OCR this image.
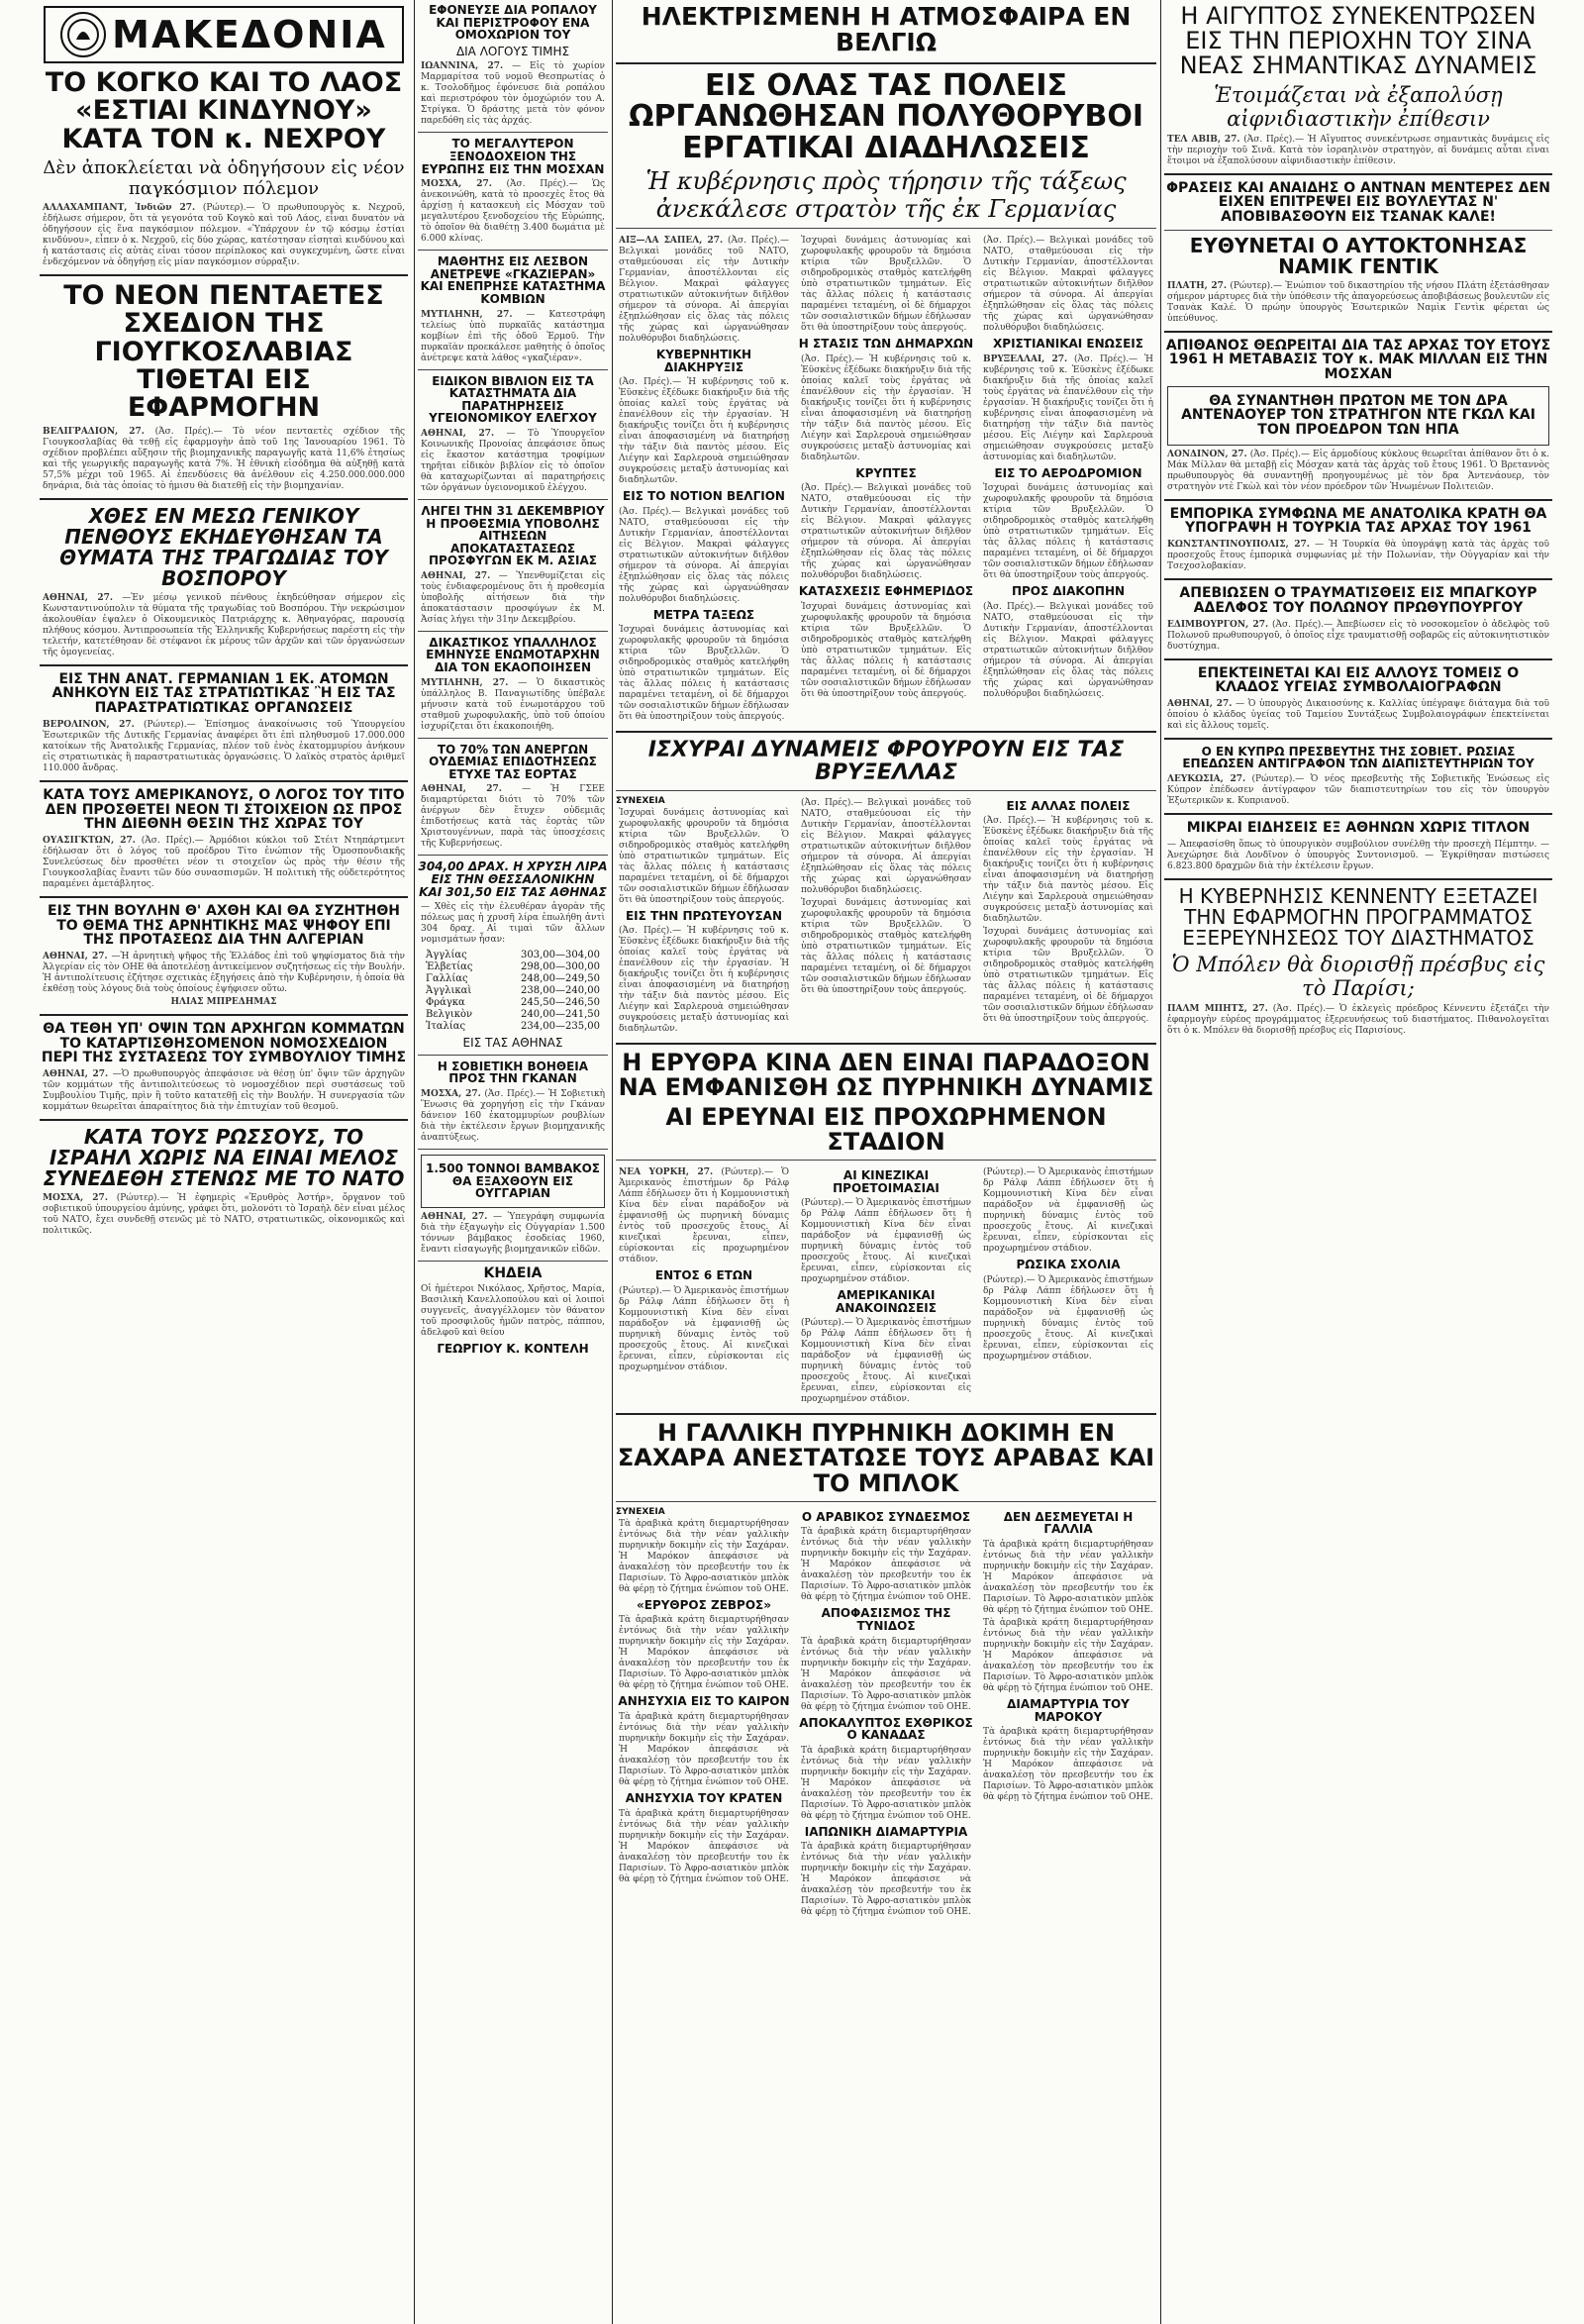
ΜΑΚΕΔΟΝΙΑ
ΤΟ ΚΟΓΚΟ ΚΑΙ ΤΟ ΛΑΟΣ «ΕΣΤΙΑΙ ΚΙΝΔΥΝΟΥ» ΚΑΤΑ ΤΟΝ κ. ΝΕΧΡΟΥ
Δὲν ἀποκλείεται νὰ ὁδηγήσουν εἰς νέον παγκόσμιον πόλεμον
ΑΛΛΑΧΑΜΠΑΝΤ, Ἰνδιῶν 27. (Ρώυτερ).— Ὁ πρωθυπουργὸς κ. Νεχροῦ, ἐδήλωσε σήμερον, ὅτι τὰ γεγονότα τοῦ Κογκὸ καὶ τοῦ Λάος, εἶναι δυνατὸν νὰ ὁδηγήσουν εἰς ἕνα παγκόσμιον πόλεμον. «Ὑπάρχουν ἐν τῷ κόσμῳ ἑστίαι κινδύνου», εἶπεν ὁ κ. Νεχροῦ, εἰς δύο χώρας, κατέστησαν εἰσηταὶ κινδύνου καὶ ἡ κατάστασις εἰς αὐτὰς εἶναι τόσον περίπλοκος καὶ συγκεχυμένη, ὥστε εἶναι ἐνδεχόμενον νὰ ὁδηγήσῃ εἰς μίαν παγκόσμιον σύρραξιν.
ΤΟ ΝΕΟΝ ΠΕΝΤΑΕΤΕΣ ΣΧΕΔΙΟΝ ΤΗΣ ΓΙΟΥΓΚΟΣΛΑΒΙΑΣ ΤΙΘΕΤΑΙ ΕΙΣ ΕΦΑΡΜΟΓΗΝ
ΒΕΛΙΓΡΑΔΙΟΝ, 27. (Ἀσ. Πρές).— Τὸ νέον πενταετὲς σχέδιον τῆς Γιουγκοσλαβίας θὰ τεθῇ εἰς ἐφαρμογὴν ἀπὸ τοῦ 1ης Ἰανουαρίου 1961. Τὸ σχέδιον προβλέπει αὔξησιν τῆς βιομηχανικῆς παραγωγῆς κατὰ 11,6% ἐτησίως καὶ τῆς γεωργικῆς παραγωγῆς κατὰ 7%. Ἡ ἐθνικὴ εἰσόδημα θὰ αὐξηθῇ κατὰ 57,5% μέχρι τοῦ 1965. Αἱ ἐπενδύσεις θὰ ἀνέλθουν εἰς 4.250.000.000.000 δηνάρια, διὰ τὰς ὁποίας τὸ ἡμισυ θὰ διατεθῇ εἰς τὴν βιομηχανίαν.
ΧΘΕΣ ΕΝ ΜΕΣΩ ΓΕΝΙΚΟΥ ΠΕΝΘΟΥΣ ΕΚΗΔΕΥΘΗΣΑΝ ΤΑ ΘΥΜΑΤΑ ΤΗΣ ΤΡΑΓΩΔΙΑΣ ΤΟΥ ΒΟΣΠΟΡΟΥ
ΑΘΗΝΑΙ, 27. —Ἐν μέσῳ γενικοῦ πένθους ἐκηδεύθησαν σήμερον εἰς Κωνσταντινούπολιν τὰ θύματα τῆς τραγωδίας τοῦ Βοσπόρου. Τὴν νεκρώσιμον ἀκολουθίαν ἐψαλεν ὁ Οἰκουμενικὸς Πατριάρχης κ. Ἀθηναγόρας, παρουσίᾳ πλήθους κόσμου. Ἀντιπροσωπεία τῆς Ἑλληνικῆς Κυβερνήσεως παρέστη εἰς τὴν τελετήν, κατετέθησαν δὲ στέφανοι ἐκ μέρους τῶν ἀρχῶν καὶ τῶν ὀργανώσεων τῆς ὁμογενείας.
ΕΙΣ ΤΗΝ ΑΝΑΤ. ΓΕΡΜΑΝΙΑΝ 1 ΕΚ. ΑΤΟΜΩΝ ΑΝΗΚΟΥΝ ΕΙΣ ΤΑΣ ΣΤΡΑΤΙΩΤΙΚΑΣ Ἢ ΕΙΣ ΤΑΣ ΠΑΡΑΣΤΡΑΤΙΩΤΙΚΑΣ ΟΡΓΑΝΩΣΕΙΣ
ΒΕΡΟΛΙΝΟΝ, 27. (Ρώυτερ).— Ἐπίσημος ἀνακοίνωσις τοῦ Ὑπουργείου Ἐσωτερικῶν τῆς Δυτικῆς Γερμανίας ἀναφέρει ὅτι ἐπὶ πληθυσμοῦ 17.000.000 κατοίκων τῆς Ἀνατολικῆς Γερμανίας, πλέον τοῦ ἑνὸς ἑκατομμυρίου ἀνήκουν εἰς στρατιωτικὰς ἢ παραστρατιωτικὰς ὀργανώσεις. Ὁ λαϊκὸς στρατὸς ἀριθμεῖ 110.000 ἄνδρας.
ΚΑΤΑ ΤΟΥΣ ΑΜΕΡΙΚΑΝΟΥΣ, Ο ΛΟΓΟΣ ΤΟΥ ΤΙΤΟ ΔΕΝ ΠΡΟΣΘΕΤΕΙ ΝΕΟΝ ΤΙ ΣΤΟΙΧΕΙΟΝ ΩΣ ΠΡΟΣ ΤΗΝ ΔΙΕΘΝΗ ΘΕΣΙΝ ΤΗΣ ΧΩΡΑΣ ΤΟΥ
ΟΥΑΣΙΓΚΤΩΝ, 27. (Ἀσ. Πρές).— Ἁρμόδιοι κύκλοι τοῦ Στέιτ Ντηπάρτμεντ ἐδήλωσαν ὅτι ὁ λόγος τοῦ προέδρου Τίτο ἐνώπιον τῆς Ὁμοσπονδιακῆς Συνελεύσεως δὲν προσθέτει νέον τι στοιχεῖον ὡς πρὸς τὴν θέσιν τῆς Γιουγκοσλαβίας ἔναντι τῶν δύο συνασπισμῶν. Ἡ πολιτικὴ τῆς οὐδετερότητος παραμένει ἀμετάβλητος.
ΕΙΣ ΤΗΝ ΒΟΥΛΗΝ Θ' ΑΧΘΗ ΚΑΙ ΘΑ ΣΥΖΗΤΗΘΗ ΤΟ ΘΕΜΑ ΤΗΣ ΑΡΝΗΤΙΚΗΣ ΜΑΣ ΨΗΦΟΥ ΕΠΙ ΤΗΣ ΠΡΟΤΑΣΕΩΣ ΔΙΑ ΤΗΝ ΑΛΓΕΡΙΑΝ
ΑΘΗΝΑΙ, 27. —Ἡ ἀρνητικὴ ψῆφος τῆς Ἑλλάδος ἐπὶ τοῦ ψηφίσματος διὰ τὴν Ἀλγερίαν εἰς τὸν ΟΗΕ θὰ ἀποτελέσῃ ἀντικείμενον συζητήσεως εἰς τὴν Βουλήν. Ἡ ἀντιπολίτευσις ἐζήτησε σχετικὰς ἐξηγήσεις ἀπὸ τὴν Κυβέρνησιν, ἡ ὁποία θὰ ἐκθέσῃ τοὺς λόγους διὰ τοὺς ὁποίους ἐψήφισεν οὕτω.
ΗΛΙΑΣ ΜΠΡΕΔΗΜΑΣ
ΘΑ ΤΕΘΗ ΥΠ' ΟΨΙΝ ΤΩΝ ΑΡΧΗΓΩΝ ΚΟΜΜΑΤΩΝ ΤΟ ΚΑΤΑΡΤΙΣΘΗΣΟΜΕΝΟΝ ΝΟΜΟΣΧΕΔΙΟΝ ΠΕΡΙ ΤΗΣ ΣΥΣΤΑΣΕΩΣ ΤΟΥ ΣΥΜΒΟΥΛΙΟΥ ΤΙΜΗΣ
ΑΘΗΝΑΙ, 27. —Ὁ πρωθυπουργὸς ἀπεφάσισε νὰ θέσῃ ὑπ' ὄψιν τῶν ἀρχηγῶν τῶν κομμάτων τῆς ἀντιπολιτεύσεως τὸ νομοσχέδιον περὶ συστάσεως τοῦ Συμβουλίου Τιμῆς, πρὶν ἢ τοῦτο κατατεθῇ εἰς τὴν Βουλήν. Ἡ συνεργασία τῶν κομμάτων θεωρεῖται ἀπαραίτητος διὰ τὴν ἐπιτυχίαν τοῦ θεσμοῦ.
ΚΑΤΑ ΤΟΥΣ ΡΩΣΣΟΥΣ, ΤΟ ΙΣΡΑΗΛ ΧΩΡΙΣ ΝΑ ΕΙΝΑΙ ΜΕΛΟΣ ΣΥΝΕΔΕΘΗ ΣΤΕΝΩΣ ΜΕ ΤΟ ΝΑΤΟ
ΜΟΣΧΑ, 27. (Ρώυτερ).— Ἡ ἐφημερὶς «Ἐρυθρὸς Ἀστήρ», ὄργανον τοῦ σοβιετικοῦ ὑπουργείου ἀμύνης, γράφει ὅτι, μολονότι τὸ Ἰσραὴλ δὲν εἶναι μέλος τοῦ ΝΑΤΟ, ἔχει συνδεθῇ στενῶς μὲ τὸ ΝΑΤΟ, στρατιωτικῶς, οἰκονομικῶς καὶ πολιτικῶς.
ΕΦΟΝΕΥΣΕ ΔΙΑ ΡΟΠΑΛΟΥ ΚΑΙ ΠΕΡΙΣΤΡΟΦΟΥ ΕΝΑ ΟΜΟΧΩΡΙΟΝ ΤΟΥ
ΔΙΑ ΛΟΓΟΥΣ ΤΙΜΗΣ
ΙΩΑΝΝΙΝΑ, 27. — Εἰς τὸ χωρίον Μαρμαρίτσα τοῦ νομοῦ Θεσπρωτίας ὁ κ. Τσολοδῆμος ἐφόνευσε διὰ ροπάλου καὶ περιστρόφου τὸν ὁμοχώριόν του Α. Στρίγκα. Ὁ δράστης μετὰ τὸν φόνον παρεδόθη εἰς τὰς ἀρχάς.
ΤΟ ΜΕΓΑΛΥΤΕΡΟΝ ΞΕΝΟΔΟΧΕΙΟΝ ΤΗΣ ΕΥΡΩΠΗΣ ΕΙΣ ΤΗΝ ΜΟΣΧΑΝ
ΜΟΣΧΑ, 27. (Ἀσ. Πρές).— Ὡς ἀνεκοινώθη, κατὰ τὸ προσεχὲς ἔτος θὰ ἀρχίσῃ ἡ κατασκευὴ εἰς Μόσχαν τοῦ μεγαλυτέρου ξενοδοχείου τῆς Εὐρώπης, τὸ ὁποῖον θὰ διαθέτῃ 3.400 δωμάτια μὲ 6.000 κλίνας.
ΜΑΘΗΤΗΣ ΕΙΣ ΛΕΣΒΟΝ ΑΝΕΤΡΕΨΕ «ΓΚΑΖΙΕΡΑΝ» ΚΑΙ ΕΝΕΠΡΗΣΕ ΚΑΤΑΣΤΗΜΑ ΚΟΜΒΙΩΝ
ΜΥΤΙΛΗΝΗ, 27. — Κατεστράφη τελείως ὑπὸ πυρκαϊᾶς κατάστημα κομβίων ἐπὶ τῆς ὁδοῦ Ἐρμοῦ. Τὴν πυρκαϊὰν προεκάλεσε μαθητὴς ὁ ὁποῖος ἀνέτρεψε κατὰ λάθος «γκαζιέραν».
ΕΙΔΙΚΟΝ ΒΙΒΛΙΟΝ ΕΙΣ ΤΑ ΚΑΤΑΣΤΗΜΑΤΑ ΔΙΑ ΠΑΡΑΤΗΡΗΣΕΙΣ ΥΓΕΙΟΝΟΜΙΚΟΥ ΕΛΕΓΧΟΥ
ΑΘΗΝΑΙ, 27. — Τὸ Ὑπουργεῖον Κοινωνικῆς Προνοίας ἀπεφάσισε ὅπως εἰς ἕκαστον κατάστημα τροφίμων τηρῆται εἰδικὸν βιβλίον εἰς τὸ ὁποῖον θὰ καταχωρίζωνται αἱ παρατηρήσεις τῶν ὀργάνων ὑγειονομικοῦ ἐλέγχου.
ΛΗΓΕΙ ΤΗΝ 31 ΔΕΚΕΜΒΡΙΟΥ Η ΠΡΟΘΕΣΜΙΑ ΥΠΟΒΟΛΗΣ ΑΙΤΗΣΕΩΝ ΑΠΟΚΑΤΑΣΤΑΣΕΩΣ ΠΡΟΣΦΥΓΩΝ ΕΚ Μ. ΑΣΙΑΣ
ΑΘΗΝΑΙ, 27. — Ὑπενθυμίζεται εἰς τοὺς ἐνδιαφερομένους ὅτι ἡ προθεσμία ὑποβολῆς αἰτήσεων διὰ τὴν ἀποκατάστασιν προσφύγων ἐκ Μ. Ἀσίας λήγει τὴν 31ην Δεκεμβρίου.
ΔΙΚΑΣΤΙΚΟΣ ΥΠΑΛΛΗΛΟΣ ΕΜΗΝΥΣΕ ΕΝΩΜΟΤΑΡΧΗΝ ΔΙΑ ΤΟΝ ΕΚΑΟΠΟΙΗΣΕΝ
ΜΥΤΙΛΗΝΗ, 27. — Ὁ δικαστικὸς ὑπάλληλος Β. Παναγιωτίδης ὑπέβαλε μήνυσιν κατὰ τοῦ ἐνωμοτάρχου τοῦ σταθμοῦ χωροφυλακῆς, ὑπὸ τοῦ ὁποίου ἰσχυρίζεται ὅτι ἐκακοποιήθη.
ΤΟ 70% ΤΩΝ ΑΝΕΡΓΩΝ ΟΥΔΕΜΙΑΣ ΕΠΙΔΟΤΗΣΕΩΣ ΕΤΥΧΕ ΤΑΣ ΕΟΡΤΑΣ
ΑΘΗΝΑΙ, 27. — Ἡ ΓΣΕΕ διαμαρτύρεται διότι τὸ 70% τῶν ἀνέργων δὲν ἔτυχεν οὐδεμιᾶς ἐπιδοτήσεως κατὰ τὰς ἑορτὰς τῶν Χριστουγέννων, παρὰ τὰς ὑποσχέσεις τῆς Κυβερνήσεως.
304,00 ΔΡΑΧ. Η ΧΡΥΣΗ ΛΙΡΑ ΕΙΣ ΤΗΝ ΘΕΣΣΑΛΟΝΙΚΗΝ ΚΑΙ 301,50 ΕΙΣ ΤΑΣ ΑΘΗΝΑΣ
— Χθὲς εἰς τὴν ἐλευθέραν ἀγορὰν τῆς πόλεως μας ἡ χρυσῆ λίρα ἐπωλήθη ἀντὶ 304 δραχ. Αἱ τιμαὶ τῶν ἄλλων νομισμάτων ἦσαν:
Ἀγγλίας	303,00—304,00
Ἑλβετίας	298,00—300,00
Γαλλίας	248,00—249,50
Ἀγγλικαὶ	238,00—240,00
Φράγκα	245,50—246,50
Βελγικὸν	240,00—241,50
Ἰταλίας	234,00—235,00
ΕΙΣ ΤΑΣ ΑΘΗΝΑΣ
Η ΣΟΒΙΕΤΙΚΗ ΒΟΗΘΕΙΑ ΠΡΟΣ ΤΗΝ ΓΚΑΝΑΝ
ΜΟΣΧΑ, 27. (Ἀσ. Πρές).— Ἡ Σοβιετικὴ Ἕνωσις θὰ χορηγήσῃ εἰς τὴν Γκάναν δάνειον 160 ἑκατομμυρίων ρουβλίων διὰ τὴν ἐκτέλεσιν ἔργων βιομηχανικῆς ἀναπτύξεως.
1.500 ΤΟΝΝΟΙ ΒΑΜΒΑΚΟΣ ΘΑ ΕΞΑΧΘΟΥΝ ΕΙΣ ΟΥΓΓΑΡΙΑΝ
ΑΘΗΝΑΙ, 27. — Ὑπεγράφη συμφωνία διὰ τὴν ἐξαγωγὴν εἰς Οὐγγαρίαν 1.500 τόννων βάμβακος ἐσοδείας 1960, ἔναντι εἰσαγωγῆς βιομηχανικῶν εἰδῶν.
ΚΗΔΕΙΑ
Οἱ ἡμέτεροι Νικόλαος, Χρῆστος, Μαρία, Βασιλικὴ Κανελλοπούλου καὶ οἱ λοιποὶ συγγενεῖς, ἀναγγέλλομεν τὸν θάνατον τοῦ προσφιλοῦς ἡμῶν πατρὸς, πάππου, ἀδελφοῦ καὶ θείου
ΓΕΩΡΓΙΟΥ Κ. ΚΟΝΤΕΛΗ
ΗΛΕΚΤΡΙΣΜΕΝΗ Η ΑΤΜΟΣΦΑΙΡΑ ΕΝ ΒΕΛΓΙΩ
ΕΙΣ ΟΛΑΣ ΤΑΣ ΠΟΛΕΙΣ ΩΡΓΑΝΩΘΗΣΑΝ ΠΟΛΥΘΟΡΥΒΟΙ ΕΡΓΑΤΙΚΑΙ ΔΙΑΔΗΛΩΣΕΙΣ
Ἡ κυβέρνησις πρὸς τήρησιν τῆς τάξεως ἀνεκάλεσε στρατὸν τῆς ἐκ Γερμανίας
ΑΙΞ—ΛΑ ΣΑΠΕΛ, 27. (Ἀσ. Πρές).— Βελγικαὶ μονάδες τοῦ ΝΑΤΟ, σταθμεύουσαι εἰς τὴν Δυτικὴν Γερμανίαν, ἀποστέλλονται εἰς Βέλγιον. Μακραὶ φάλαγγες στρατιωτικῶν αὐτοκινήτων διῆλθον σήμερον τὰ σύνορα. Αἱ ἀπεργίαι ἐξηπλώθησαν εἰς ὅλας τὰς πόλεις τῆς χώρας καὶ ὡργανώθησαν πολυθόρυβοι διαδηλώσεις.
ΚΥΒΕΡΝΗΤΙΚΗ ΔΙΑΚΗΡΥΞΙΣ
(Ἀσ. Πρές).— Ἡ κυβέρνησις τοῦ κ. Ἐϋσκὲνς ἐξέδωκε διακήρυξιν διὰ τῆς ὁποίας καλεῖ τοὺς ἐργάτας νὰ ἐπανέλθουν εἰς τὴν ἐργασίαν. Ἡ διακήρυξις τονίζει ὅτι ἡ κυβέρνησις εἶναι ἀποφασισμένη νὰ διατηρήσῃ τὴν τάξιν διὰ παντὸς μέσου. Εἰς Λιέγην καὶ Σαρλερουὰ σημειώθησαν συγκρούσεις μεταξὺ ἀστυνομίας καὶ διαδηλωτῶν.
ΕΙΣ ΤΟ ΝΟΤΙΟΝ ΒΕΛΓΙΟΝ
(Ἀσ. Πρές).— Βελγικαὶ μονάδες τοῦ ΝΑΤΟ, σταθμεύουσαι εἰς τὴν Δυτικὴν Γερμανίαν, ἀποστέλλονται εἰς Βέλγιον. Μακραὶ φάλαγγες στρατιωτικῶν αὐτοκινήτων διῆλθον σήμερον τὰ σύνορα. Αἱ ἀπεργίαι ἐξηπλώθησαν εἰς ὅλας τὰς πόλεις τῆς χώρας καὶ ὡργανώθησαν πολυθόρυβοι διαδηλώσεις.
ΜΕΤΡΑ ΤΑΞΕΩΣ
Ἰσχυραὶ δυνάμεις ἀστυνομίας καὶ χωροφυλακῆς φρουροῦν τὰ δημόσια κτίρια τῶν Βρυξελλῶν. Ὁ σιδηροδρομικὸς σταθμὸς κατελήφθη ὑπὸ στρατιωτικῶν τμημάτων. Εἰς τὰς ἄλλας πόλεις ἡ κατάστασις παραμένει τεταμένη, οἱ δὲ δήμαρχοι τῶν σοσιαλιστικῶν δήμων ἐδήλωσαν ὅτι θὰ ὑποστηρίξουν τοὺς ἀπεργούς.
Ἰσχυραὶ δυνάμεις ἀστυνομίας καὶ χωροφυλακῆς φρουροῦν τὰ δημόσια κτίρια τῶν Βρυξελλῶν. Ὁ σιδηροδρομικὸς σταθμὸς κατελήφθη ὑπὸ στρατιωτικῶν τμημάτων. Εἰς τὰς ἄλλας πόλεις ἡ κατάστασις παραμένει τεταμένη, οἱ δὲ δήμαρχοι τῶν σοσιαλιστικῶν δήμων ἐδήλωσαν ὅτι θὰ ὑποστηρίξουν τοὺς ἀπεργούς.
Η ΣΤΑΣΙΣ ΤΩΝ ΔΗΜΑΡΧΩΝ
(Ἀσ. Πρές).— Ἡ κυβέρνησις τοῦ κ. Ἐϋσκὲνς ἐξέδωκε διακήρυξιν διὰ τῆς ὁποίας καλεῖ τοὺς ἐργάτας νὰ ἐπανέλθουν εἰς τὴν ἐργασίαν. Ἡ διακήρυξις τονίζει ὅτι ἡ κυβέρνησις εἶναι ἀποφασισμένη νὰ διατηρήσῃ τὴν τάξιν διὰ παντὸς μέσου. Εἰς Λιέγην καὶ Σαρλερουὰ σημειώθησαν συγκρούσεις μεταξὺ ἀστυνομίας καὶ διαδηλωτῶν.
ΚΡΥΠΤΕΣ
(Ἀσ. Πρές).— Βελγικαὶ μονάδες τοῦ ΝΑΤΟ, σταθμεύουσαι εἰς τὴν Δυτικὴν Γερμανίαν, ἀποστέλλονται εἰς Βέλγιον. Μακραὶ φάλαγγες στρατιωτικῶν αὐτοκινήτων διῆλθον σήμερον τὰ σύνορα. Αἱ ἀπεργίαι ἐξηπλώθησαν εἰς ὅλας τὰς πόλεις τῆς χώρας καὶ ὡργανώθησαν πολυθόρυβοι διαδηλώσεις.
ΚΑΤΑΣΧΕΣΙΣ ΕΦΗΜΕΡΙΔΟΣ
Ἰσχυραὶ δυνάμεις ἀστυνομίας καὶ χωροφυλακῆς φρουροῦν τὰ δημόσια κτίρια τῶν Βρυξελλῶν. Ὁ σιδηροδρομικὸς σταθμὸς κατελήφθη ὑπὸ στρατιωτικῶν τμημάτων. Εἰς τὰς ἄλλας πόλεις ἡ κατάστασις παραμένει τεταμένη, οἱ δὲ δήμαρχοι τῶν σοσιαλιστικῶν δήμων ἐδήλωσαν ὅτι θὰ ὑποστηρίξουν τοὺς ἀπεργούς.
(Ἀσ. Πρές).— Βελγικαὶ μονάδες τοῦ ΝΑΤΟ, σταθμεύουσαι εἰς τὴν Δυτικὴν Γερμανίαν, ἀποστέλλονται εἰς Βέλγιον. Μακραὶ φάλαγγες στρατιωτικῶν αὐτοκινήτων διῆλθον σήμερον τὰ σύνορα. Αἱ ἀπεργίαι ἐξηπλώθησαν εἰς ὅλας τὰς πόλεις τῆς χώρας καὶ ὡργανώθησαν πολυθόρυβοι διαδηλώσεις.
ΧΡΙΣΤΙΑΝΙΚΑΙ ΕΝΩΣΕΙΣ
ΒΡΥΞΕΛΛΑΙ, 27. (Ἀσ. Πρές).— Ἡ κυβέρνησις τοῦ κ. Ἐϋσκὲνς ἐξέδωκε διακήρυξιν διὰ τῆς ὁποίας καλεῖ τοὺς ἐργάτας νὰ ἐπανέλθουν εἰς τὴν ἐργασίαν. Ἡ διακήρυξις τονίζει ὅτι ἡ κυβέρνησις εἶναι ἀποφασισμένη νὰ διατηρήσῃ τὴν τάξιν διὰ παντὸς μέσου. Εἰς Λιέγην καὶ Σαρλερουὰ σημειώθησαν συγκρούσεις μεταξὺ ἀστυνομίας καὶ διαδηλωτῶν.
ΕΙΣ ΤΟ ΑΕΡΟΔΡΟΜΙΟΝ
Ἰσχυραὶ δυνάμεις ἀστυνομίας καὶ χωροφυλακῆς φρουροῦν τὰ δημόσια κτίρια τῶν Βρυξελλῶν. Ὁ σιδηροδρομικὸς σταθμὸς κατελήφθη ὑπὸ στρατιωτικῶν τμημάτων. Εἰς τὰς ἄλλας πόλεις ἡ κατάστασις παραμένει τεταμένη, οἱ δὲ δήμαρχοι τῶν σοσιαλιστικῶν δήμων ἐδήλωσαν ὅτι θὰ ὑποστηρίξουν τοὺς ἀπεργούς.
ΠΡΟΣ ΔΙΑΚΟΠΗΝ
(Ἀσ. Πρές).— Βελγικαὶ μονάδες τοῦ ΝΑΤΟ, σταθμεύουσαι εἰς τὴν Δυτικὴν Γερμανίαν, ἀποστέλλονται εἰς Βέλγιον. Μακραὶ φάλαγγες στρατιωτικῶν αὐτοκινήτων διῆλθον σήμερον τὰ σύνορα. Αἱ ἀπεργίαι ἐξηπλώθησαν εἰς ὅλας τὰς πόλεις τῆς χώρας καὶ ὡργανώθησαν πολυθόρυβοι διαδηλώσεις.
ΙΣΧΥΡΑΙ ΔΥΝΑΜΕΙΣ ΦΡΟΥΡΟΥΝ ΕΙΣ ΤΑΣ ΒΡΥΞΕΛΛΑΣ
ΣΥΝΕΧΕΙΑ
Ἰσχυραὶ δυνάμεις ἀστυνομίας καὶ χωροφυλακῆς φρουροῦν τὰ δημόσια κτίρια τῶν Βρυξελλῶν. Ὁ σιδηροδρομικὸς σταθμὸς κατελήφθη ὑπὸ στρατιωτικῶν τμημάτων. Εἰς τὰς ἄλλας πόλεις ἡ κατάστασις παραμένει τεταμένη, οἱ δὲ δήμαρχοι τῶν σοσιαλιστικῶν δήμων ἐδήλωσαν ὅτι θὰ ὑποστηρίξουν τοὺς ἀπεργούς.
ΕΙΣ ΤΗΝ ΠΡΩΤΕΥΟΥΣΑΝ
(Ἀσ. Πρές).— Ἡ κυβέρνησις τοῦ κ. Ἐϋσκὲνς ἐξέδωκε διακήρυξιν διὰ τῆς ὁποίας καλεῖ τοὺς ἐργάτας νὰ ἐπανέλθουν εἰς τὴν ἐργασίαν. Ἡ διακήρυξις τονίζει ὅτι ἡ κυβέρνησις εἶναι ἀποφασισμένη νὰ διατηρήσῃ τὴν τάξιν διὰ παντὸς μέσου. Εἰς Λιέγην καὶ Σαρλερουὰ σημειώθησαν συγκρούσεις μεταξὺ ἀστυνομίας καὶ διαδηλωτῶν.
(Ἀσ. Πρές).— Βελγικαὶ μονάδες τοῦ ΝΑΤΟ, σταθμεύουσαι εἰς τὴν Δυτικὴν Γερμανίαν, ἀποστέλλονται εἰς Βέλγιον. Μακραὶ φάλαγγες στρατιωτικῶν αὐτοκινήτων διῆλθον σήμερον τὰ σύνορα. Αἱ ἀπεργίαι ἐξηπλώθησαν εἰς ὅλας τὰς πόλεις τῆς χώρας καὶ ὡργανώθησαν πολυθόρυβοι διαδηλώσεις.
Ἰσχυραὶ δυνάμεις ἀστυνομίας καὶ χωροφυλακῆς φρουροῦν τὰ δημόσια κτίρια τῶν Βρυξελλῶν. Ὁ σιδηροδρομικὸς σταθμὸς κατελήφθη ὑπὸ στρατιωτικῶν τμημάτων. Εἰς τὰς ἄλλας πόλεις ἡ κατάστασις παραμένει τεταμένη, οἱ δὲ δήμαρχοι τῶν σοσιαλιστικῶν δήμων ἐδήλωσαν ὅτι θὰ ὑποστηρίξουν τοὺς ἀπεργούς.
ΕΙΣ ΑΛΛΑΣ ΠΟΛΕΙΣ
(Ἀσ. Πρές).— Ἡ κυβέρνησις τοῦ κ. Ἐϋσκὲνς ἐξέδωκε διακήρυξιν διὰ τῆς ὁποίας καλεῖ τοὺς ἐργάτας νὰ ἐπανέλθουν εἰς τὴν ἐργασίαν. Ἡ διακήρυξις τονίζει ὅτι ἡ κυβέρνησις εἶναι ἀποφασισμένη νὰ διατηρήσῃ τὴν τάξιν διὰ παντὸς μέσου. Εἰς Λιέγην καὶ Σαρλερουὰ σημειώθησαν συγκρούσεις μεταξὺ ἀστυνομίας καὶ διαδηλωτῶν.
Ἰσχυραὶ δυνάμεις ἀστυνομίας καὶ χωροφυλακῆς φρουροῦν τὰ δημόσια κτίρια τῶν Βρυξελλῶν. Ὁ σιδηροδρομικὸς σταθμὸς κατελήφθη ὑπὸ στρατιωτικῶν τμημάτων. Εἰς τὰς ἄλλας πόλεις ἡ κατάστασις παραμένει τεταμένη, οἱ δὲ δήμαρχοι τῶν σοσιαλιστικῶν δήμων ἐδήλωσαν ὅτι θὰ ὑποστηρίξουν τοὺς ἀπεργούς.
Η ΕΡΥΘΡΑ ΚΙΝΑ ΔΕΝ ΕΙΝΑΙ ΠΑΡΑΔΟΞΟΝ ΝΑ ΕΜΦΑΝΙΣΘΗ ΩΣ ΠΥΡΗΝΙΚΗ ΔΥΝΑΜΙΣ
ΑΙ ΕΡΕΥΝΑΙ ΕΙΣ ΠΡΟΧΩΡΗΜΕΝΟΝ ΣΤΑΔΙΟΝ
ΝΕΑ ΥΟΡΚΗ, 27. (Ρώυτερ).— Ὁ Ἀμερικανὸς ἐπιστήμων δρ Ράλφ Λάππ ἐδήλωσεν ὅτι ἡ Κομμουνιστικὴ Κίνα δὲν εἶναι παράδοξον νὰ ἐμφανισθῇ ὡς πυρηνικὴ δύναμις ἐντὸς τοῦ προσεχοῦς ἔτους. Αἱ κινεζικαὶ ἔρευναι, εἶπεν, εὑρίσκονται εἰς προχωρημένον στάδιον.
ΕΝΤΟΣ 6 ΕΤΩΝ
(Ρώυτερ).— Ὁ Ἀμερικανὸς ἐπιστήμων δρ Ράλφ Λάππ ἐδήλωσεν ὅτι ἡ Κομμουνιστικὴ Κίνα δὲν εἶναι παράδοξον νὰ ἐμφανισθῇ ὡς πυρηνικὴ δύναμις ἐντὸς τοῦ προσεχοῦς ἔτους. Αἱ κινεζικαὶ ἔρευναι, εἶπεν, εὑρίσκονται εἰς προχωρημένον στάδιον.
ΑΙ ΚΙΝΕΖΙΚΑΙ ΠΡΟΕΤΟΙΜΑΣΙΑΙ
(Ρώυτερ).— Ὁ Ἀμερικανὸς ἐπιστήμων δρ Ράλφ Λάππ ἐδήλωσεν ὅτι ἡ Κομμουνιστικὴ Κίνα δὲν εἶναι παράδοξον νὰ ἐμφανισθῇ ὡς πυρηνικὴ δύναμις ἐντὸς τοῦ προσεχοῦς ἔτους. Αἱ κινεζικαὶ ἔρευναι, εἶπεν, εὑρίσκονται εἰς προχωρημένον στάδιον.
ΑΜΕΡΙΚΑΝΙΚΑΙ ΑΝΑΚΟΙΝΩΣΕΙΣ
(Ρώυτερ).— Ὁ Ἀμερικανὸς ἐπιστήμων δρ Ράλφ Λάππ ἐδήλωσεν ὅτι ἡ Κομμουνιστικὴ Κίνα δὲν εἶναι παράδοξον νὰ ἐμφανισθῇ ὡς πυρηνικὴ δύναμις ἐντὸς τοῦ προσεχοῦς ἔτους. Αἱ κινεζικαὶ ἔρευναι, εἶπεν, εὑρίσκονται εἰς προχωρημένον στάδιον.
(Ρώυτερ).— Ὁ Ἀμερικανὸς ἐπιστήμων δρ Ράλφ Λάππ ἐδήλωσεν ὅτι ἡ Κομμουνιστικὴ Κίνα δὲν εἶναι παράδοξον νὰ ἐμφανισθῇ ὡς πυρηνικὴ δύναμις ἐντὸς τοῦ προσεχοῦς ἔτους. Αἱ κινεζικαὶ ἔρευναι, εἶπεν, εὑρίσκονται εἰς προχωρημένον στάδιον.
ΡΩΣΙΚΑ ΣΧΟΛΙΑ
(Ρώυτερ).— Ὁ Ἀμερικανὸς ἐπιστήμων δρ Ράλφ Λάππ ἐδήλωσεν ὅτι ἡ Κομμουνιστικὴ Κίνα δὲν εἶναι παράδοξον νὰ ἐμφανισθῇ ὡς πυρηνικὴ δύναμις ἐντὸς τοῦ προσεχοῦς ἔτους. Αἱ κινεζικαὶ ἔρευναι, εἶπεν, εὑρίσκονται εἰς προχωρημένον στάδιον.
Η ΓΑΛΛΙΚΗ ΠΥΡΗΝΙΚΗ ΔΟΚΙΜΗ ΕΝ ΣΑΧΑΡΑ ΑΝΕΣΤΑΤΩΣΕ ΤΟΥΣ ΑΡΑΒΑΣ ΚΑΙ ΤΟ ΜΠΛΟΚ
ΣΥΝΕΧΕΙΑ
Τὰ ἀραβικὰ κράτη διεμαρτυρήθησαν ἐντόνως διὰ τὴν νέαν γαλλικὴν πυρηνικὴν δοκιμὴν εἰς τὴν Σαχάραν. Ἡ Μαρόκον ἀπεφάσισε νὰ ἀνακαλέσῃ τὸν πρεσβευτήν του ἐκ Παρισίων. Τὸ Ἀφρο-ασιατικὸν μπλὸκ θὰ φέρῃ τὸ ζήτημα ἐνώπιον τοῦ ΟΗΕ.
«ΕΡΥΘΡΟΣ ΖΕΒΡΟΣ»
Τὰ ἀραβικὰ κράτη διεμαρτυρήθησαν ἐντόνως διὰ τὴν νέαν γαλλικὴν πυρηνικὴν δοκιμὴν εἰς τὴν Σαχάραν. Ἡ Μαρόκον ἀπεφάσισε νὰ ἀνακαλέσῃ τὸν πρεσβευτήν του ἐκ Παρισίων. Τὸ Ἀφρο-ασιατικὸν μπλὸκ θὰ φέρῃ τὸ ζήτημα ἐνώπιον τοῦ ΟΗΕ.
ΑΝΗΣΥΧΙΑ ΕΙΣ ΤΟ ΚΑΙΡΟΝ
Τὰ ἀραβικὰ κράτη διεμαρτυρήθησαν ἐντόνως διὰ τὴν νέαν γαλλικὴν πυρηνικὴν δοκιμὴν εἰς τὴν Σαχάραν. Ἡ Μαρόκον ἀπεφάσισε νὰ ἀνακαλέσῃ τὸν πρεσβευτήν του ἐκ Παρισίων. Τὸ Ἀφρο-ασιατικὸν μπλὸκ θὰ φέρῃ τὸ ζήτημα ἐνώπιον τοῦ ΟΗΕ.
ΑΝΗΣΥΧΙΑ ΤΟΥ ΚΡΑΤΕΝ
Τὰ ἀραβικὰ κράτη διεμαρτυρήθησαν ἐντόνως διὰ τὴν νέαν γαλλικὴν πυρηνικὴν δοκιμὴν εἰς τὴν Σαχάραν. Ἡ Μαρόκον ἀπεφάσισε νὰ ἀνακαλέσῃ τὸν πρεσβευτήν του ἐκ Παρισίων. Τὸ Ἀφρο-ασιατικὸν μπλὸκ θὰ φέρῃ τὸ ζήτημα ἐνώπιον τοῦ ΟΗΕ.
Ο ΑΡΑΒΙΚΟΣ ΣΥΝΔΕΣΜΟΣ
Τὰ ἀραβικὰ κράτη διεμαρτυρήθησαν ἐντόνως διὰ τὴν νέαν γαλλικὴν πυρηνικὴν δοκιμὴν εἰς τὴν Σαχάραν. Ἡ Μαρόκον ἀπεφάσισε νὰ ἀνακαλέσῃ τὸν πρεσβευτήν του ἐκ Παρισίων. Τὸ Ἀφρο-ασιατικὸν μπλὸκ θὰ φέρῃ τὸ ζήτημα ἐνώπιον τοῦ ΟΗΕ.
ΑΠΟΦΑΣΙΣΜΟΣ ΤΗΣ ΤΥΝΙΔΟΣ
Τὰ ἀραβικὰ κράτη διεμαρτυρήθησαν ἐντόνως διὰ τὴν νέαν γαλλικὴν πυρηνικὴν δοκιμὴν εἰς τὴν Σαχάραν. Ἡ Μαρόκον ἀπεφάσισε νὰ ἀνακαλέσῃ τὸν πρεσβευτήν του ἐκ Παρισίων. Τὸ Ἀφρο-ασιατικὸν μπλὸκ θὰ φέρῃ τὸ ζήτημα ἐνώπιον τοῦ ΟΗΕ.
ΑΠΟΚΑΛΥΠΤΟΣ ΕΧΘΡΙΚΟΣ Ο ΚΑΝΑΔΑΣ
Τὰ ἀραβικὰ κράτη διεμαρτυρήθησαν ἐντόνως διὰ τὴν νέαν γαλλικὴν πυρηνικὴν δοκιμὴν εἰς τὴν Σαχάραν. Ἡ Μαρόκον ἀπεφάσισε νὰ ἀνακαλέσῃ τὸν πρεσβευτήν του ἐκ Παρισίων. Τὸ Ἀφρο-ασιατικὸν μπλὸκ θὰ φέρῃ τὸ ζήτημα ἐνώπιον τοῦ ΟΗΕ.
ΙΑΠΩΝΙΚΗ ΔΙΑΜΑΡΤΥΡΙΑ
Τὰ ἀραβικὰ κράτη διεμαρτυρήθησαν ἐντόνως διὰ τὴν νέαν γαλλικὴν πυρηνικὴν δοκιμὴν εἰς τὴν Σαχάραν. Ἡ Μαρόκον ἀπεφάσισε νὰ ἀνακαλέσῃ τὸν πρεσβευτήν του ἐκ Παρισίων. Τὸ Ἀφρο-ασιατικὸν μπλὸκ θὰ φέρῃ τὸ ζήτημα ἐνώπιον τοῦ ΟΗΕ.
ΔΕΝ ΔΕΣΜΕΥΕΤΑΙ Η ΓΑΛΛΙΑ
Τὰ ἀραβικὰ κράτη διεμαρτυρήθησαν ἐντόνως διὰ τὴν νέαν γαλλικὴν πυρηνικὴν δοκιμὴν εἰς τὴν Σαχάραν. Ἡ Μαρόκον ἀπεφάσισε νὰ ἀνακαλέσῃ τὸν πρεσβευτήν του ἐκ Παρισίων. Τὸ Ἀφρο-ασιατικὸν μπλὸκ θὰ φέρῃ τὸ ζήτημα ἐνώπιον τοῦ ΟΗΕ.
Τὰ ἀραβικὰ κράτη διεμαρτυρήθησαν ἐντόνως διὰ τὴν νέαν γαλλικὴν πυρηνικὴν δοκιμὴν εἰς τὴν Σαχάραν. Ἡ Μαρόκον ἀπεφάσισε νὰ ἀνακαλέσῃ τὸν πρεσβευτήν του ἐκ Παρισίων. Τὸ Ἀφρο-ασιατικὸν μπλὸκ θὰ φέρῃ τὸ ζήτημα ἐνώπιον τοῦ ΟΗΕ.
ΔΙΑΜΑΡΤΥΡΙΑ ΤΟΥ ΜΑΡΟΚΟΥ
Τὰ ἀραβικὰ κράτη διεμαρτυρήθησαν ἐντόνως διὰ τὴν νέαν γαλλικὴν πυρηνικὴν δοκιμὴν εἰς τὴν Σαχάραν. Ἡ Μαρόκον ἀπεφάσισε νὰ ἀνακαλέσῃ τὸν πρεσβευτήν του ἐκ Παρισίων. Τὸ Ἀφρο-ασιατικὸν μπλὸκ θὰ φέρῃ τὸ ζήτημα ἐνώπιον τοῦ ΟΗΕ.
Η ΑΙΓΥΠΤΟΣ ΣΥΝΕΚΕΝΤΡΩΣΕΝ ΕΙΣ ΤΗΝ ΠΕΡΙΟΧΗΝ ΤΟΥ ΣΙΝΑ ΝΕΑΣ ΣΗΜΑΝΤΙΚΑΣ ΔΥΝΑΜΕΙΣ
Ἑτοιμάζεται νὰ ἐξαπολύσῃ αἰφνιδιαστικὴν ἐπίθεσιν
ΤΕΛ ΑΒΙΒ, 27. (Ἀσ. Πρές).— Ἡ Αἴγυπτος συνεκέντρωσε σημαντικὰς δυνάμεις εἰς τὴν περιοχὴν τοῦ Σινᾶ. Κατὰ τὸν ἰσραηλινὸν στρατηγὸν, αἱ δυνάμεις αὗται εἶναι ἕτοιμοι νὰ ἐξαπολύσουν αἰφνιδιαστικὴν ἐπίθεσιν.
ΦΡΑΣΕΙΣ ΚΑΙ ΑΝΑΙΔΗΣ Ο ΑΝΤΝΑΝ ΜΕΝΤΕΡΕΣ ΔΕΝ ΕΙΧΕΝ ΕΠΙΤΡΕΨΕΙ ΕΙΣ ΒΟΥΛΕΥΤΑΣ Ν' ΑΠΟΒΙΒΑΣΘΟΥΝ ΕΙΣ ΤΣΑΝΑΚ ΚΑΛΕ!
ΕΥΘΥΝΕΤΑΙ Ο ΑΥΤΟΚΤΟΝΗΣΑΣ ΝΑΜΙΚ ΓΕΝΤΙΚ
ΠΛΑΤΗ, 27. (Ρώυτερ).— Ἐνώπιον τοῦ δικαστηρίου τῆς νήσου Πλάτη ἐξετάσθησαν σήμερον μάρτυρες διὰ τὴν ὑπόθεσιν τῆς ἀπαγορεύσεως ἀποβιβάσεως βουλευτῶν εἰς Τσανὰκ Καλέ. Ὁ πρώην ὑπουργὸς Ἐσωτερικῶν Ναμὶκ Γεντὶκ φέρεται ὡς ὑπεύθυνος.
ΑΠΙΘΑΝΟΣ ΘΕΩΡΕΙΤΑΙ ΔΙΑ ΤΑΣ ΑΡΧΑΣ ΤΟΥ ΕΤΟΥΣ 1961 Η ΜΕΤΑΒΑΣΙΣ ΤΟΥ κ. ΜΑΚ ΜΙΛΛΑΝ ΕΙΣ ΤΗΝ ΜΟΣΧΑΝ
ΘΑ ΣΥΝΑΝΤΗΘΗ ΠΡΩΤΟΝ ΜΕ ΤΟΝ ΔΡΑ ΑΝΤΕΝΑΟΥΕΡ ΤΟΝ ΣΤΡΑΤΗΓΟΝ ΝΤΕ ΓΚΩΛ ΚΑΙ ΤΟΝ ΠΡΟΕΔΡΟΝ ΤΩΝ ΗΠΑ
ΛΟΝΔΙΝΟΝ, 27. (Ἀσ. Πρές).— Εἰς ἁρμοδίους κύκλους θεωρεῖται ἀπίθανον ὅτι ὁ κ. Μάκ Μίλλαν θὰ μεταβῇ εἰς Μόσχαν κατὰ τὰς ἀρχὰς τοῦ ἔτους 1961. Ὁ Βρεταννὸς πρωθυπουργὸς θὰ συναντηθῇ προηγουμένως μὲ τὸν δρα Ἀντενάουερ, τὸν στρατηγὸν ντὲ Γκὼλ καὶ τὸν νέον πρόεδρον τῶν Ἡνωμένων Πολιτειῶν.
ΕΜΠΟΡΙΚΑ ΣΥΜΦΩΝΑ ΜΕ ΑΝΑΤΟΛΙΚΑ ΚΡΑΤΗ ΘΑ ΥΠΟΓΡΑΨΗ Η ΤΟΥΡΚΙΑ ΤΑΣ ΑΡΧΑΣ ΤΟΥ 1961
ΚΩΝΣΤΑΝΤΙΝΟΥΠΟΛΙΣ, 27. — Ἡ Τουρκία θὰ ὑπογράψῃ κατὰ τὰς ἀρχὰς τοῦ προσεχοῦς ἔτους ἐμπορικὰ συμφωνίας μὲ τὴν Πολωνίαν, τὴν Οὐγγαρίαν καὶ τὴν Τσεχοσλοβακίαν.
ΑΠΕΒΙΩΣΕΝ Ο ΤΡΑΥΜΑΤΙΣΘΕΙΣ ΕΙΣ ΜΠΑΓΚΟΥΡ ΑΔΕΛΦΟΣ ΤΟΥ ΠΟΛΩΝΟΥ ΠΡΩΘΥΠΟΥΡΓΟΥ
ΕΔΙΜΒΟΥΡΓΟΝ, 27. (Ἀσ. Πρές).— Ἀπεβίωσεν εἰς τὸ νοσοκομεῖον ὁ ἀδελφὸς τοῦ Πολωνοῦ πρωθυπουργοῦ, ὁ ὁποῖος εἶχε τραυματισθῇ σοβαρῶς εἰς αὐτοκινητιστικὸν δυστύχημα.
ΕΠΕΚΤΕΙΝΕΤΑΙ ΚΑΙ ΕΙΣ ΑΛΛΟΥΣ ΤΟΜΕΙΣ Ο ΚΛΑΔΟΣ ΥΓΕΙΑΣ ΣΥΜΒΟΛΑΙΟΓΡΑΦΩΝ
ΑΘΗΝΑΙ, 27. — Ὁ ὑπουργὸς Δικαιοσύνης κ. Καλλίας ὑπέγραψε διάταγμα διὰ τοῦ ὁποίου ὁ κλάδος ὑγείας τοῦ Ταμείου Συντάξεως Συμβολαιογράφων ἐπεκτείνεται καὶ εἰς ἄλλους τομεῖς.
Ο ΕΝ ΚΥΠΡΩ ΠΡΕΣΒΕΥΤΗΣ ΤΗΣ ΣΟΒΙΕΤ. ΡΩΣΙΑΣ ΕΠΕΔΩΣΕΝ ΑΝΤΙΓΡΑΦΟΝ ΤΩΝ ΔΙΑΠΙΣΤΕΥΤΗΡΙΩΝ ΤΟΥ
ΛΕΥΚΩΣΙΑ, 27. (Ρώυτερ).— Ὁ νέος πρεσβευτὴς τῆς Σοβιετικῆς Ἑνώσεως εἰς Κύπρον ἐπέδωσεν ἀντίγραφον τῶν διαπιστευτηρίων του εἰς τὸν ὑπουργὸν Ἐξωτερικῶν κ. Κυπριανοῦ.
ΜΙΚΡΑΙ ΕΙΔΗΣΕΙΣ ΕΞ ΑΘΗΝΩΝ ΧΩΡΙΣ ΤΙΤΛΟΝ
— Ἀπεφασίσθη ὅπως τὸ ὑπουργικὸν συμβούλιον συνέλθῃ τὴν προσεχὴ Πέμπτην. — Ἀνεχώρησε διὰ Λονδῖνον ὁ ὑπουργὸς Συντονισμοῦ. — Ἐγκρίθησαν πιστώσεις 6.823.800 δραχμῶν διὰ τὴν ἐκτέλεσιν ἔργων.
Η ΚΥΒΕΡΝΗΣΙΣ ΚΕΝΝΕΝΤΥ ΕΞΕΤΑΖΕΙ ΤΗΝ ΕΦΑΡΜΟΓΗΝ ΠΡΟΓΡΑΜΜΑΤΟΣ ΕΞΕΡΕΥΝΗΣΕΩΣ ΤΟΥ ΔΙΑΣΤΗΜΑΤΟΣ
Ὁ Μπόλεν θὰ διορισθῇ πρέσβυς εἰς τὸ Παρίσι;
ΠΑΛΜ ΜΠΗΤΣ, 27. (Ἀσ. Πρές).— Ὁ ἐκλεγεὶς πρόεδρος Κέννεντυ ἐξετάζει τὴν ἐφαρμογὴν εὐρέος προγράμματος ἐξερευνήσεως τοῦ διαστήματος. Πιθανολογεῖται ὅτι ὁ κ. Μπόλεν θὰ διορισθῇ πρέσβυς εἰς Παρισίους.
